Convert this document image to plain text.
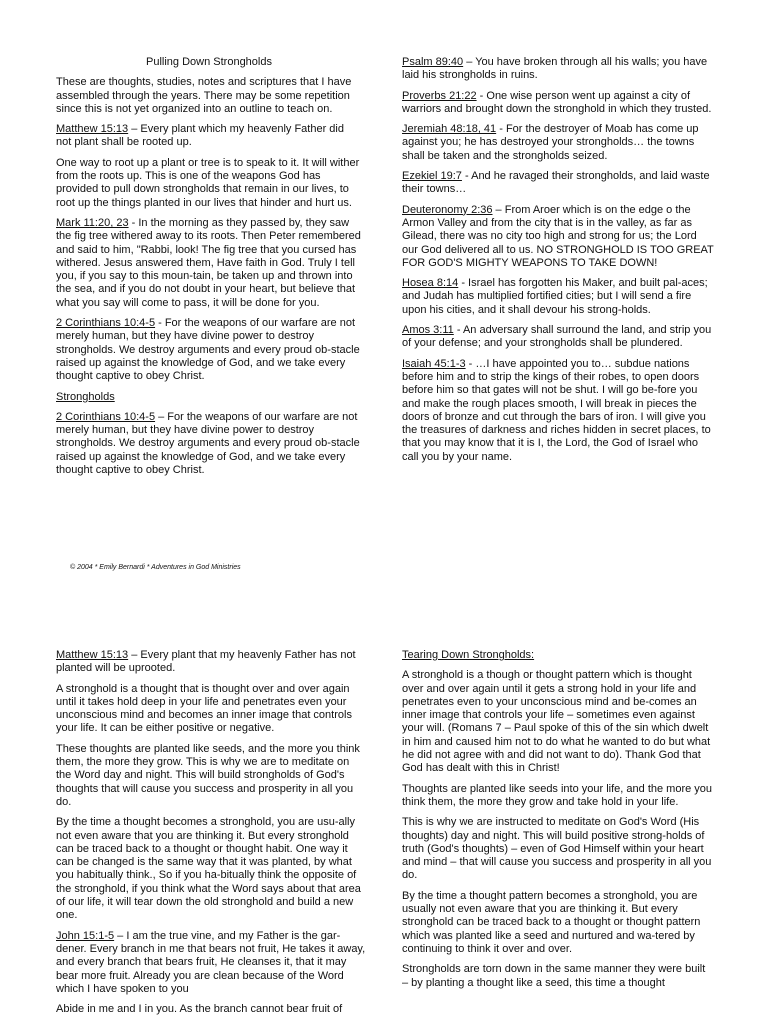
Pulling Down Strongholds

These are thoughts, studies, notes and scriptures that I have assembled through the years. There may be some repetition since this is not yet organized into an outline to teach on.

Matthew 15:13 – Every plant which my heavenly Father did not plant shall be rooted up.

One way to root up a plant or tree is to speak to it. It will wither from the roots up. This is one of the weapons God has provided to pull down strongholds that remain in our lives, to root up the things planted in our lives that hinder and hurt us.

Mark 11:20, 23 - In the morning as they passed by, they saw the fig tree withered away to its roots. Then Peter remembered and said to him, "Rabbi, look! The fig tree that you cursed has withered. Jesus answered them, Have faith in God. Truly I tell you, if you say to this moun-tain, be taken up and thrown into the sea, and if you do not doubt in your heart, but believe that what you say will come to pass, it will be done for you.

2 Corinthians 10:4-5 - For the weapons of our warfare are not merely human, but they have divine power to destroy strongholds. We destroy arguments and every proud ob-stacle raised up against the knowledge of God, and we take every thought captive to obey Christ.

Strongholds

2 Corinthians 10:4-5 – For the weapons of our warfare are not merely human, but they have divine power to destroy strongholds. We destroy arguments and every proud ob-stacle raised up against the knowledge of God, and we take every thought captive to obey Christ.

© 2004 * Emily Bernardi * Adventures in God Ministries

Psalm 89:40 – You have broken through all his walls; you have laid his strongholds in ruins.

Proverbs 21:22 - One wise person went up against a city of warriors and brought down the stronghold in which they trusted.

Jeremiah 48:18, 41 - For the destroyer of Moab has come up against you; he has destroyed your strongholds… the towns shall be taken and the strongholds seized.

Ezekiel 19:7 - And he ravaged their strongholds, and laid waste their towns…

Deuteronomy 2:36 – From Aroer which is on the edge o the Armon Valley and from the city that is in the valley, as far as Gilead, there was no city too high and strong for us; the Lord our God delivered all to us. NO STRONGHOLD IS TOO GREAT FOR GOD'S MIGHTY WEAPONS TO TAKE DOWN!

Hosea 8:14 - Israel has forgotten his Maker, and built pal-aces; and Judah has multiplied fortified cities; but I will send a fire upon his cities, and it shall devour his strong-holds.

Amos 3:11 - An adversary shall surround the land, and strip you of your defense; and your strongholds shall be plundered.

Isaiah 45:1-3 - …I have appointed you to… subdue nations before him and to strip the kings of their robes, to open doors before him so that gates will not be shut. I will go be-fore you and make the rough places smooth, I will break in pieces the doors of bronze and cut through the bars of iron. I will give you the treasures of darkness and riches hidden in secret places, to that you may know that it is I, the Lord, the God of Israel who call you by your name.

Matthew 15:13 – Every plant that my heavenly Father has not planted will be uprooted.

A stronghold is a thought that is thought over and over again until it takes hold deep in your life and penetrates even your unconscious mind and becomes an inner image that controls your life. It can be either positive or negative.

These thoughts are planted like seeds, and the more you think them, the more they grow. This is why we are to meditate on the Word day and night. This will build strongholds of God's thoughts that will cause you success and prosperity in all you do.

By the time a thought becomes a stronghold, you are usu-ally not even aware that you are thinking it. But every stronghold can be traced back to a thought or thought habit. One way it can be changed is the same way that it was planted, by what you habitually think., So if you ha-bitually think the opposite of the stronghold, if you think what the Word says about that area of our life, it will tear down the old stronghold and build a new one.

John 15:1-5 – I am the true vine, and my Father is the gar-dener. Every branch in me that bears not fruit, He takes it away, and every branch that bears fruit, He cleanses it, that it may bear more fruit. Already you are clean because of the Word which I have spoken to you

Abide in me and I in you. As the branch cannot bear fruit of

Tearing Down Strongholds:

A stronghold is a though or thought pattern which is thought over and over again until it gets a strong hold in your life and penetrates even to your unconscious mind and be-comes an inner image that controls your life – sometimes even against your will. (Romans 7 – Paul spoke of this of the sin which dwelt in him and caused him not to do what he wanted to do but what he did not agree with and did not want to do). Thank God that God has dealt with this in Christ!

Thoughts are planted like seeds into your life, and the more you think them, the more they grow and take hold in your life.

This is why we are instructed to meditate on God's Word (His thoughts) day and night. This will build positive strong-holds of truth (God's thoughts) – even of God Himself within your heart and mind – that will cause you success and prosperity in all you do.

By the time a thought pattern becomes a stronghold, you are usually not even aware that you are thinking it. But every stronghold can be traced back to a thought or thought pattern which was planted like a seed and nurtured and wa-tered by continuing to think it over and over.

Strongholds are torn down in the same manner they were built – by planting a thought like a seed, this time a thought
